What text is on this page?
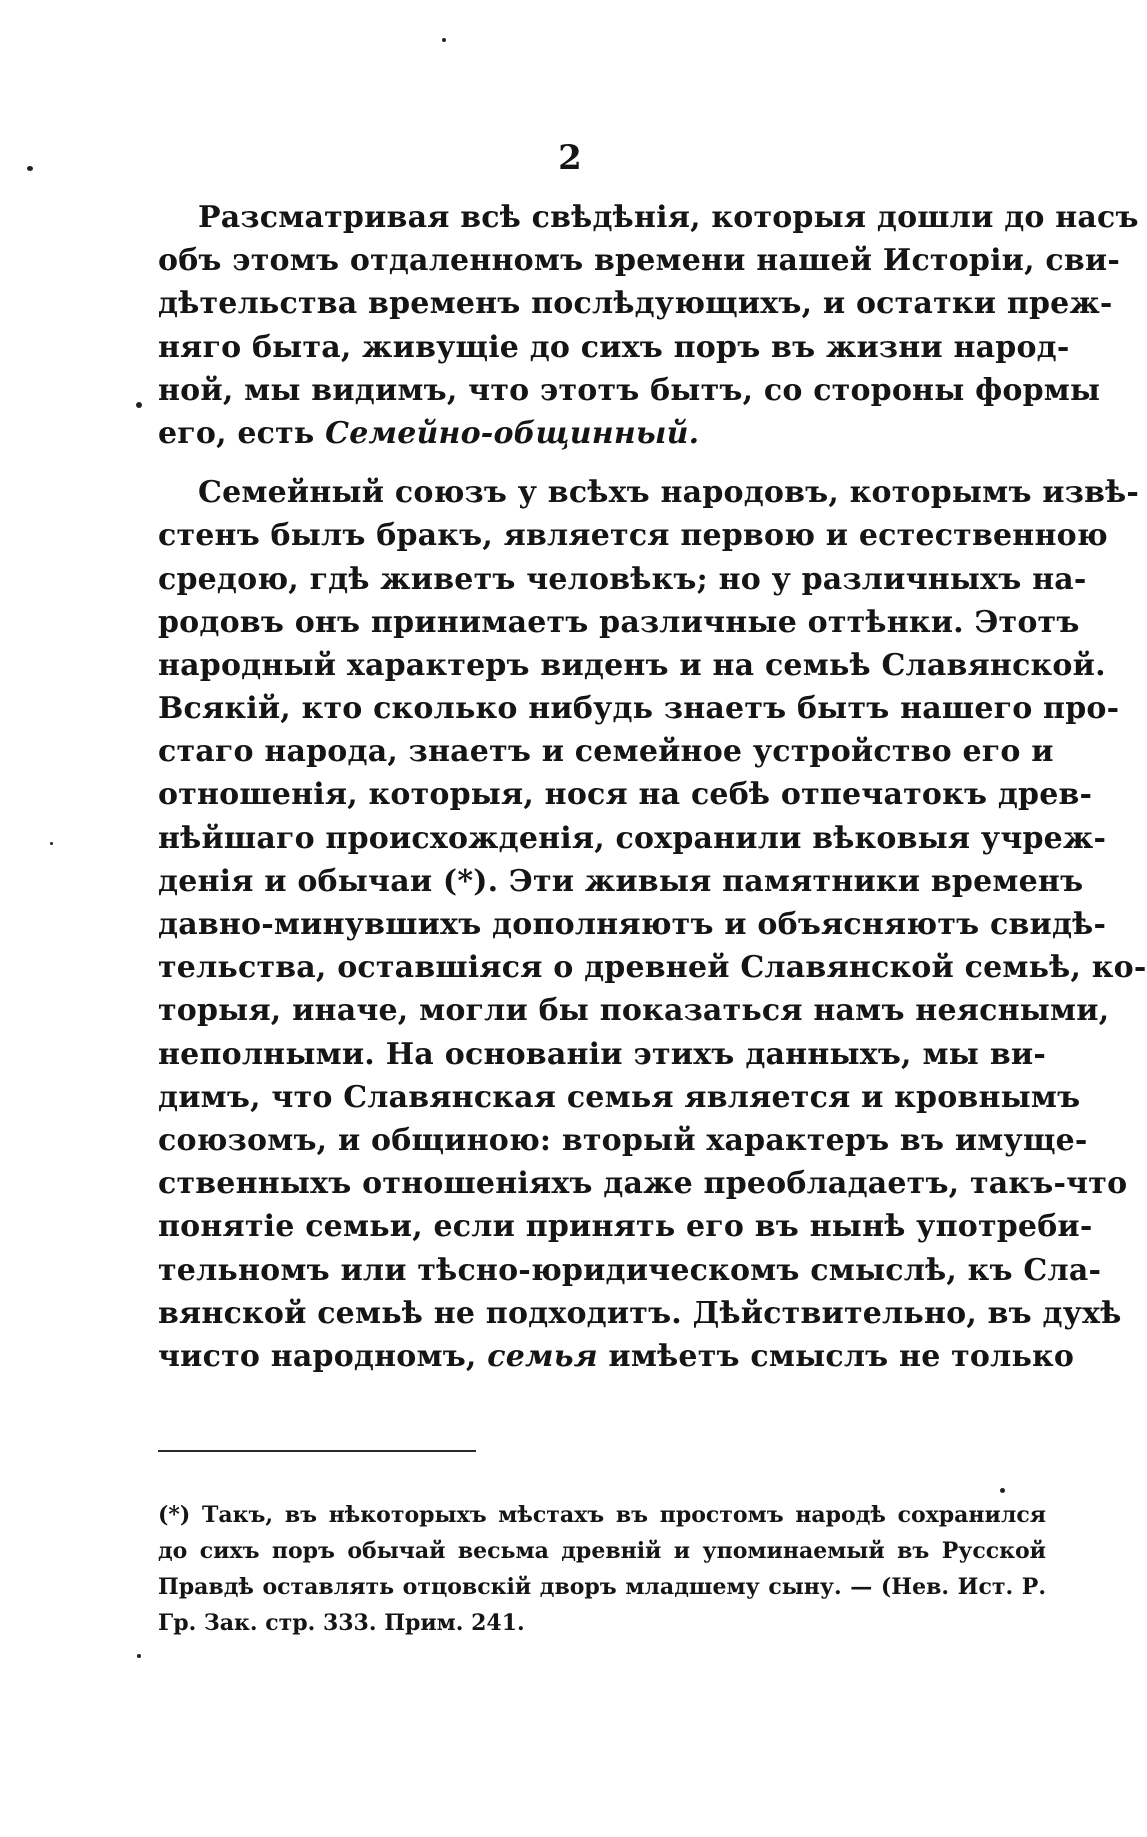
2
Разсматривая всѣ свѣдѣнія, которыя дошли до насъ
объ этомъ отдаленномъ времени нашей Исторіи, сви-
дѣтельства временъ послѣдующихъ, и остатки преж-
няго быта, живущіе до сихъ поръ въ жизни народ-
ной, мы видимъ, что этотъ бытъ, со стороны формы
его, есть Семейно-общинный.
Семейный союзъ у всѣхъ народовъ, которымъ извѣ-
стенъ былъ бракъ, является первою и естественною
средою, гдѣ живетъ человѣкъ; но у различныхъ на-
родовъ онъ принимаетъ различные оттѣнки. Этотъ
народный характеръ виденъ и на семьѣ Славянской.
Всякій, кто сколько нибудь знаетъ бытъ нашего про-
стаго народа, знаетъ и семейное устройство его и
отношенія, которыя, нося на себѣ отпечатокъ древ-
нѣйшаго происхожденія, сохранили вѣковыя учреж-
денія и обычаи (*). Эти живыя памятники временъ
давно-минувшихъ дополняютъ и объясняютъ свидѣ-
тельства, оставшіяся о древней Славянской семьѣ, ко-
торыя, иначе, могли бы показаться намъ неясными,
неполными. На основаніи этихъ данныхъ, мы ви-
димъ, что Славянская семья является и кровнымъ
союзомъ, и общиною: вторый характеръ въ имуще-
ственныхъ отношеніяхъ даже преобладаетъ, такъ-что
понятіе семьи, если принять его въ нынѣ употреби-
тельномъ или тѣсно-юридическомъ смыслѣ, къ Сла-
вянской семьѣ не подходитъ. Дѣйствительно, въ духѣ
чисто народномъ, семья имѣетъ смыслъ не только
(*) Такъ, въ нѣкоторыхъ мѣстахъ въ простомъ народѣ сохранился
до сихъ поръ обычай весьма древній и упоминаемый въ Русской
Правдѣ оставлять отцовскій дворъ младшему сыну. — (Нев. Ист. Р.
Гр. Зак. стр. 333. Прим. 241.
